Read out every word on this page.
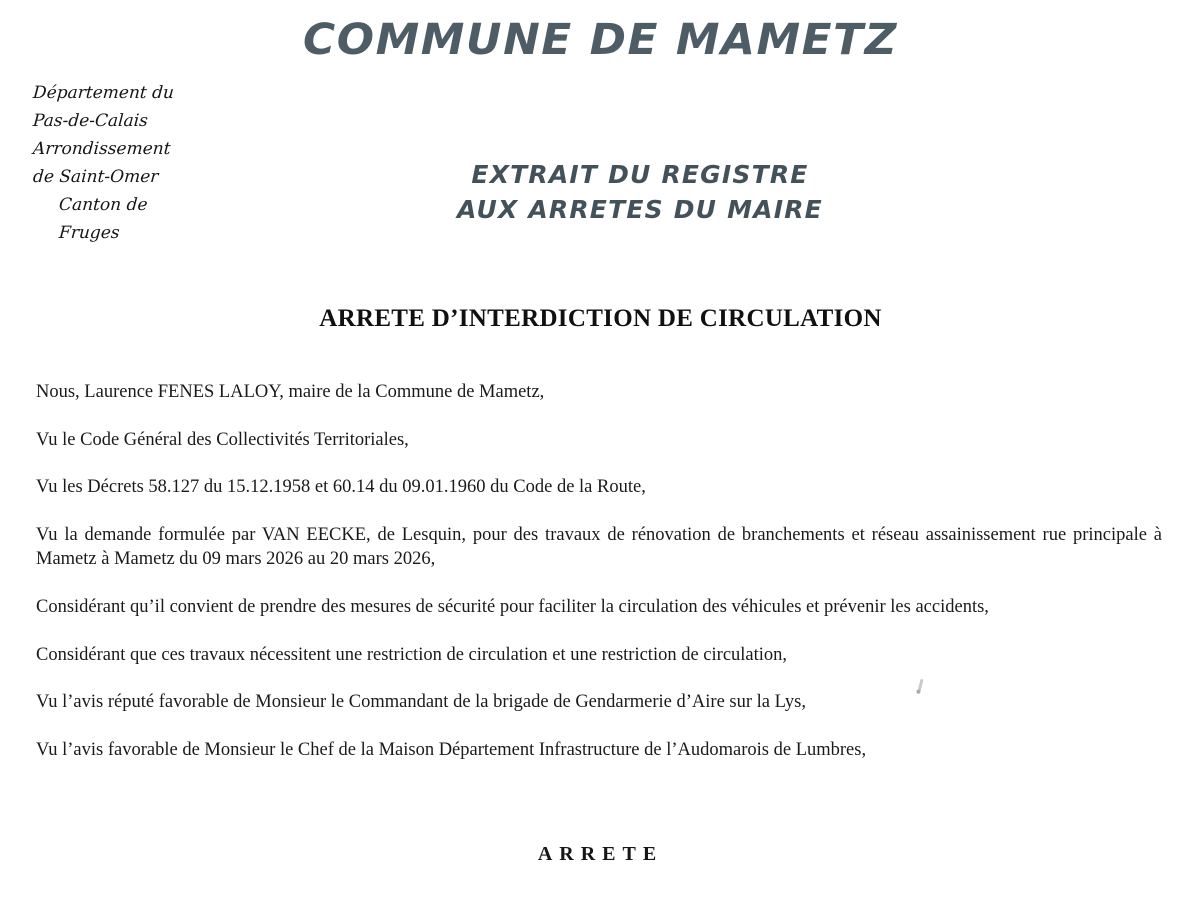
COMMUNE DE MAMETZ
Département du
Pas-de-Calais
Arrondissement
de Saint-Omer
Canton de
Fruges
EXTRAIT DU REGISTRE
AUX ARRETES DU MAIRE
ARRETE D’INTERDICTION DE CIRCULATION

Nous, Laurence FENES LALOY, maire de la Commune de Mametz,

Vu le Code Général des Collectivités Territoriales,

Vu les Décrets 58.127 du 15.12.1958 et 60.14 du 09.01.1960 du Code de la Route,

Vu la demande formulée par VAN EECKE, de Lesquin, pour des travaux de rénovation de branchements et réseau assainissement rue principale à Mametz à Mametz du 09 mars 2026 au 20 mars 2026,

Considérant qu’il convient de prendre des mesures de sécurité pour faciliter la circulation des véhicules et prévenir les accidents,

Considérant que ces travaux nécessitent une restriction de circulation et une restriction de circulation,

Vu l’avis réputé favorable de Monsieur le Commandant de la brigade de Gendarmerie d’Aire sur la Lys,

Vu l’avis favorable de Monsieur le Chef de la Maison Département Infrastructure de l’Audomarois de Lumbres,

ARRETE
